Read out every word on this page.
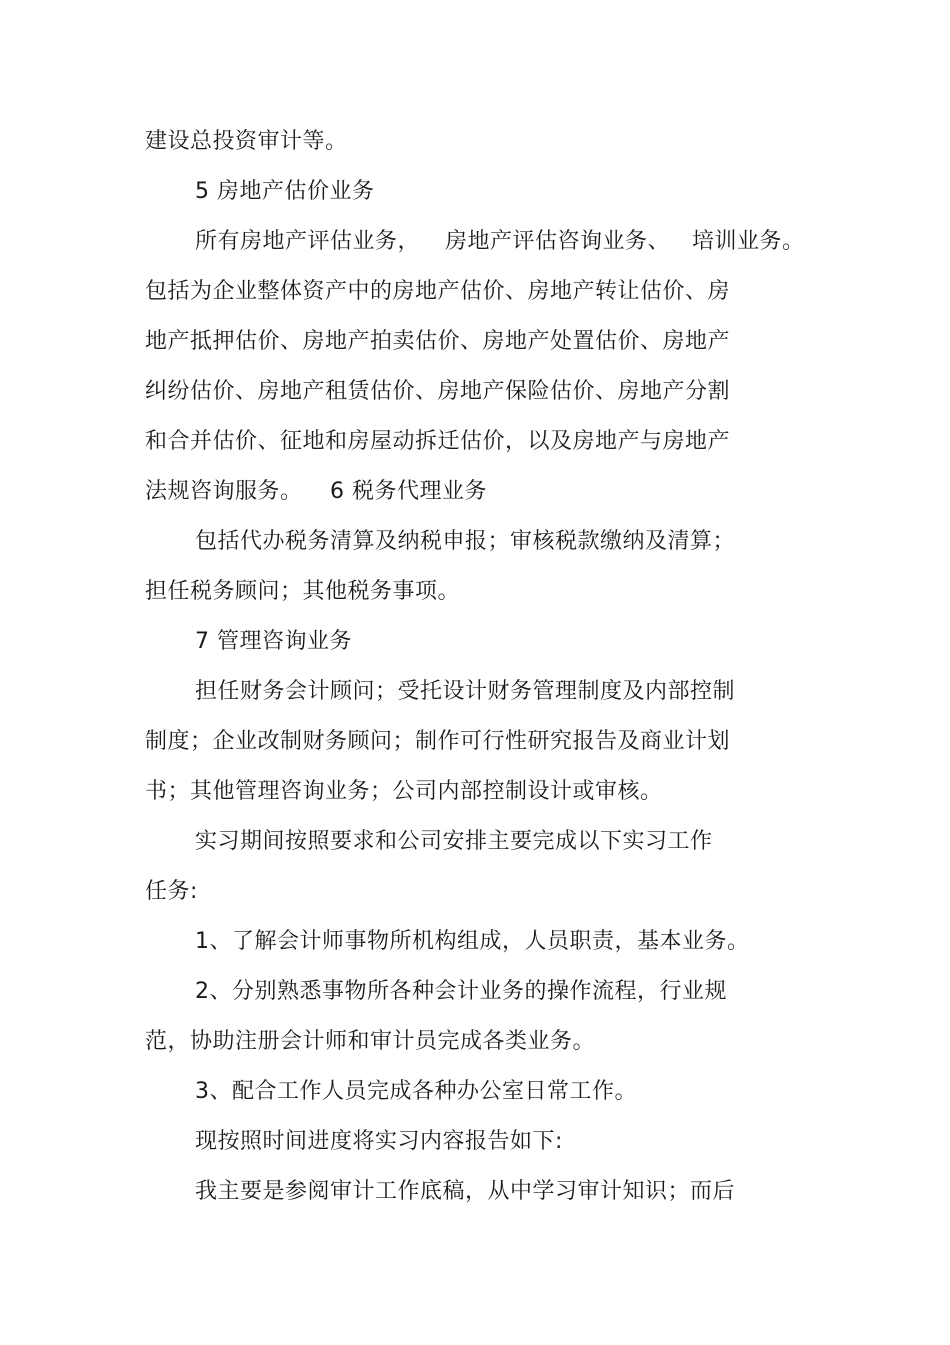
建设总投资审计等。
5 房地产估价业务
所有房地产评估业务， 房地产评估咨询业务、 培训业务。
包括为企业整体资产中的房地产估价、房地产转让估价、房
地产抵押估价、房地产拍卖估价、房地产处置估价、房地产
纠纷估价、房地产租赁估价、房地产保险估价、房地产分割
和合并估价、征地和房屋动拆迁估价，以及房地产与房地产
法规咨询服务。 6 税务代理业务
包括代办税务清算及纳税申报；审核税款缴纳及清算；
担任税务顾问；其他税务事项。
7 管理咨询业务
担任财务会计顾问；受托设计财务管理制度及内部控制
制度；企业改制财务顾问；制作可行性研究报告及商业计划
书；其他管理咨询业务；公司内部控制设计或审核。
实习期间按照要求和公司安排主要完成以下实习工作
任务:
1、了解会计师事物所机构组成，人员职责，基本业务。
2、分别熟悉事物所各种会计业务的操作流程，行业规
范，协助注册会计师和审计员完成各类业务。
3、配合工作人员完成各种办公室日常工作。
现按照时间进度将实习内容报告如下:
我主要是参阅审计工作底稿，从中学习审计知识；而后
